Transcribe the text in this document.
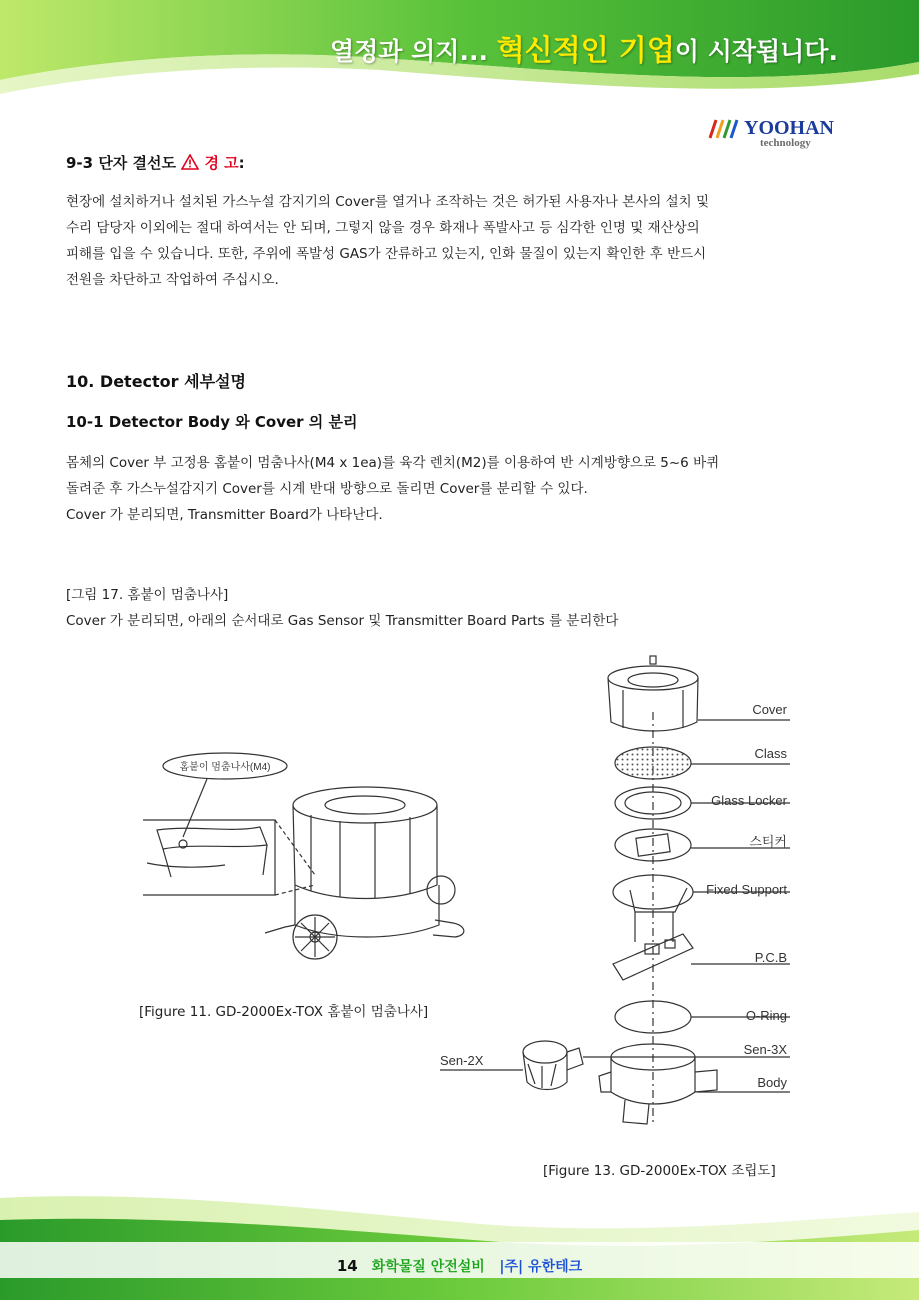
열정과 의지... 혁신적인 기업이 시작됩니다.
YOOHAN
technology
9-3 단자 결선도  경 고:
현장에 설치하거나 설치된 가스누설 감지기의 Cover를 열거나 조작하는 것은 허가된 사용자나 본사의 설치 및
수리 담당자 이외에는 절대 하여서는 안 되며, 그렇지 않을 경우 화재나 폭발사고 등 심각한 인명 및 재산상의
피해를 입을 수 있습니다. 또한, 주위에 폭발성 GAS가 잔류하고 있는지, 인화 물질이 있는지 확인한 후 반드시
전원을 차단하고 작업하여 주십시오.
10. Detector 세부설명
10-1 Detector Body 와 Cover 의 분리
몸체의 Cover 부 고정용 홈붙이 멈춤나사(M4 x 1ea)를 육각 렌치(M2)를 이용하여 반 시계방향으로 5~6 바퀴
돌려준 후 가스누설감지기 Cover를 시계 반대 방향으로 돌리면 Cover를 분리할 수 있다.
Cover 가 분리되면, Transmitter Board가 나타난다.
[그림 17. 홈붙이 멈춤나사]
Cover 가 분리되면, 아래의 순서대로 Gas Sensor 및 Transmitter Board Parts 를 분리한다
홈붙이 멈춤나사(M4)
[Figure 11. GD-2000Ex-TOX 홈붙이 멈춤나사]
Cover
Class
Glass Locker
스티커
Fixed Support
P.C.B
O-Ring
Sen-3X
Body
Sen-2X
[Figure 13. GD-2000Ex-TOX 조립도]
14 화학물질 안전설비 |주| 유한테크
